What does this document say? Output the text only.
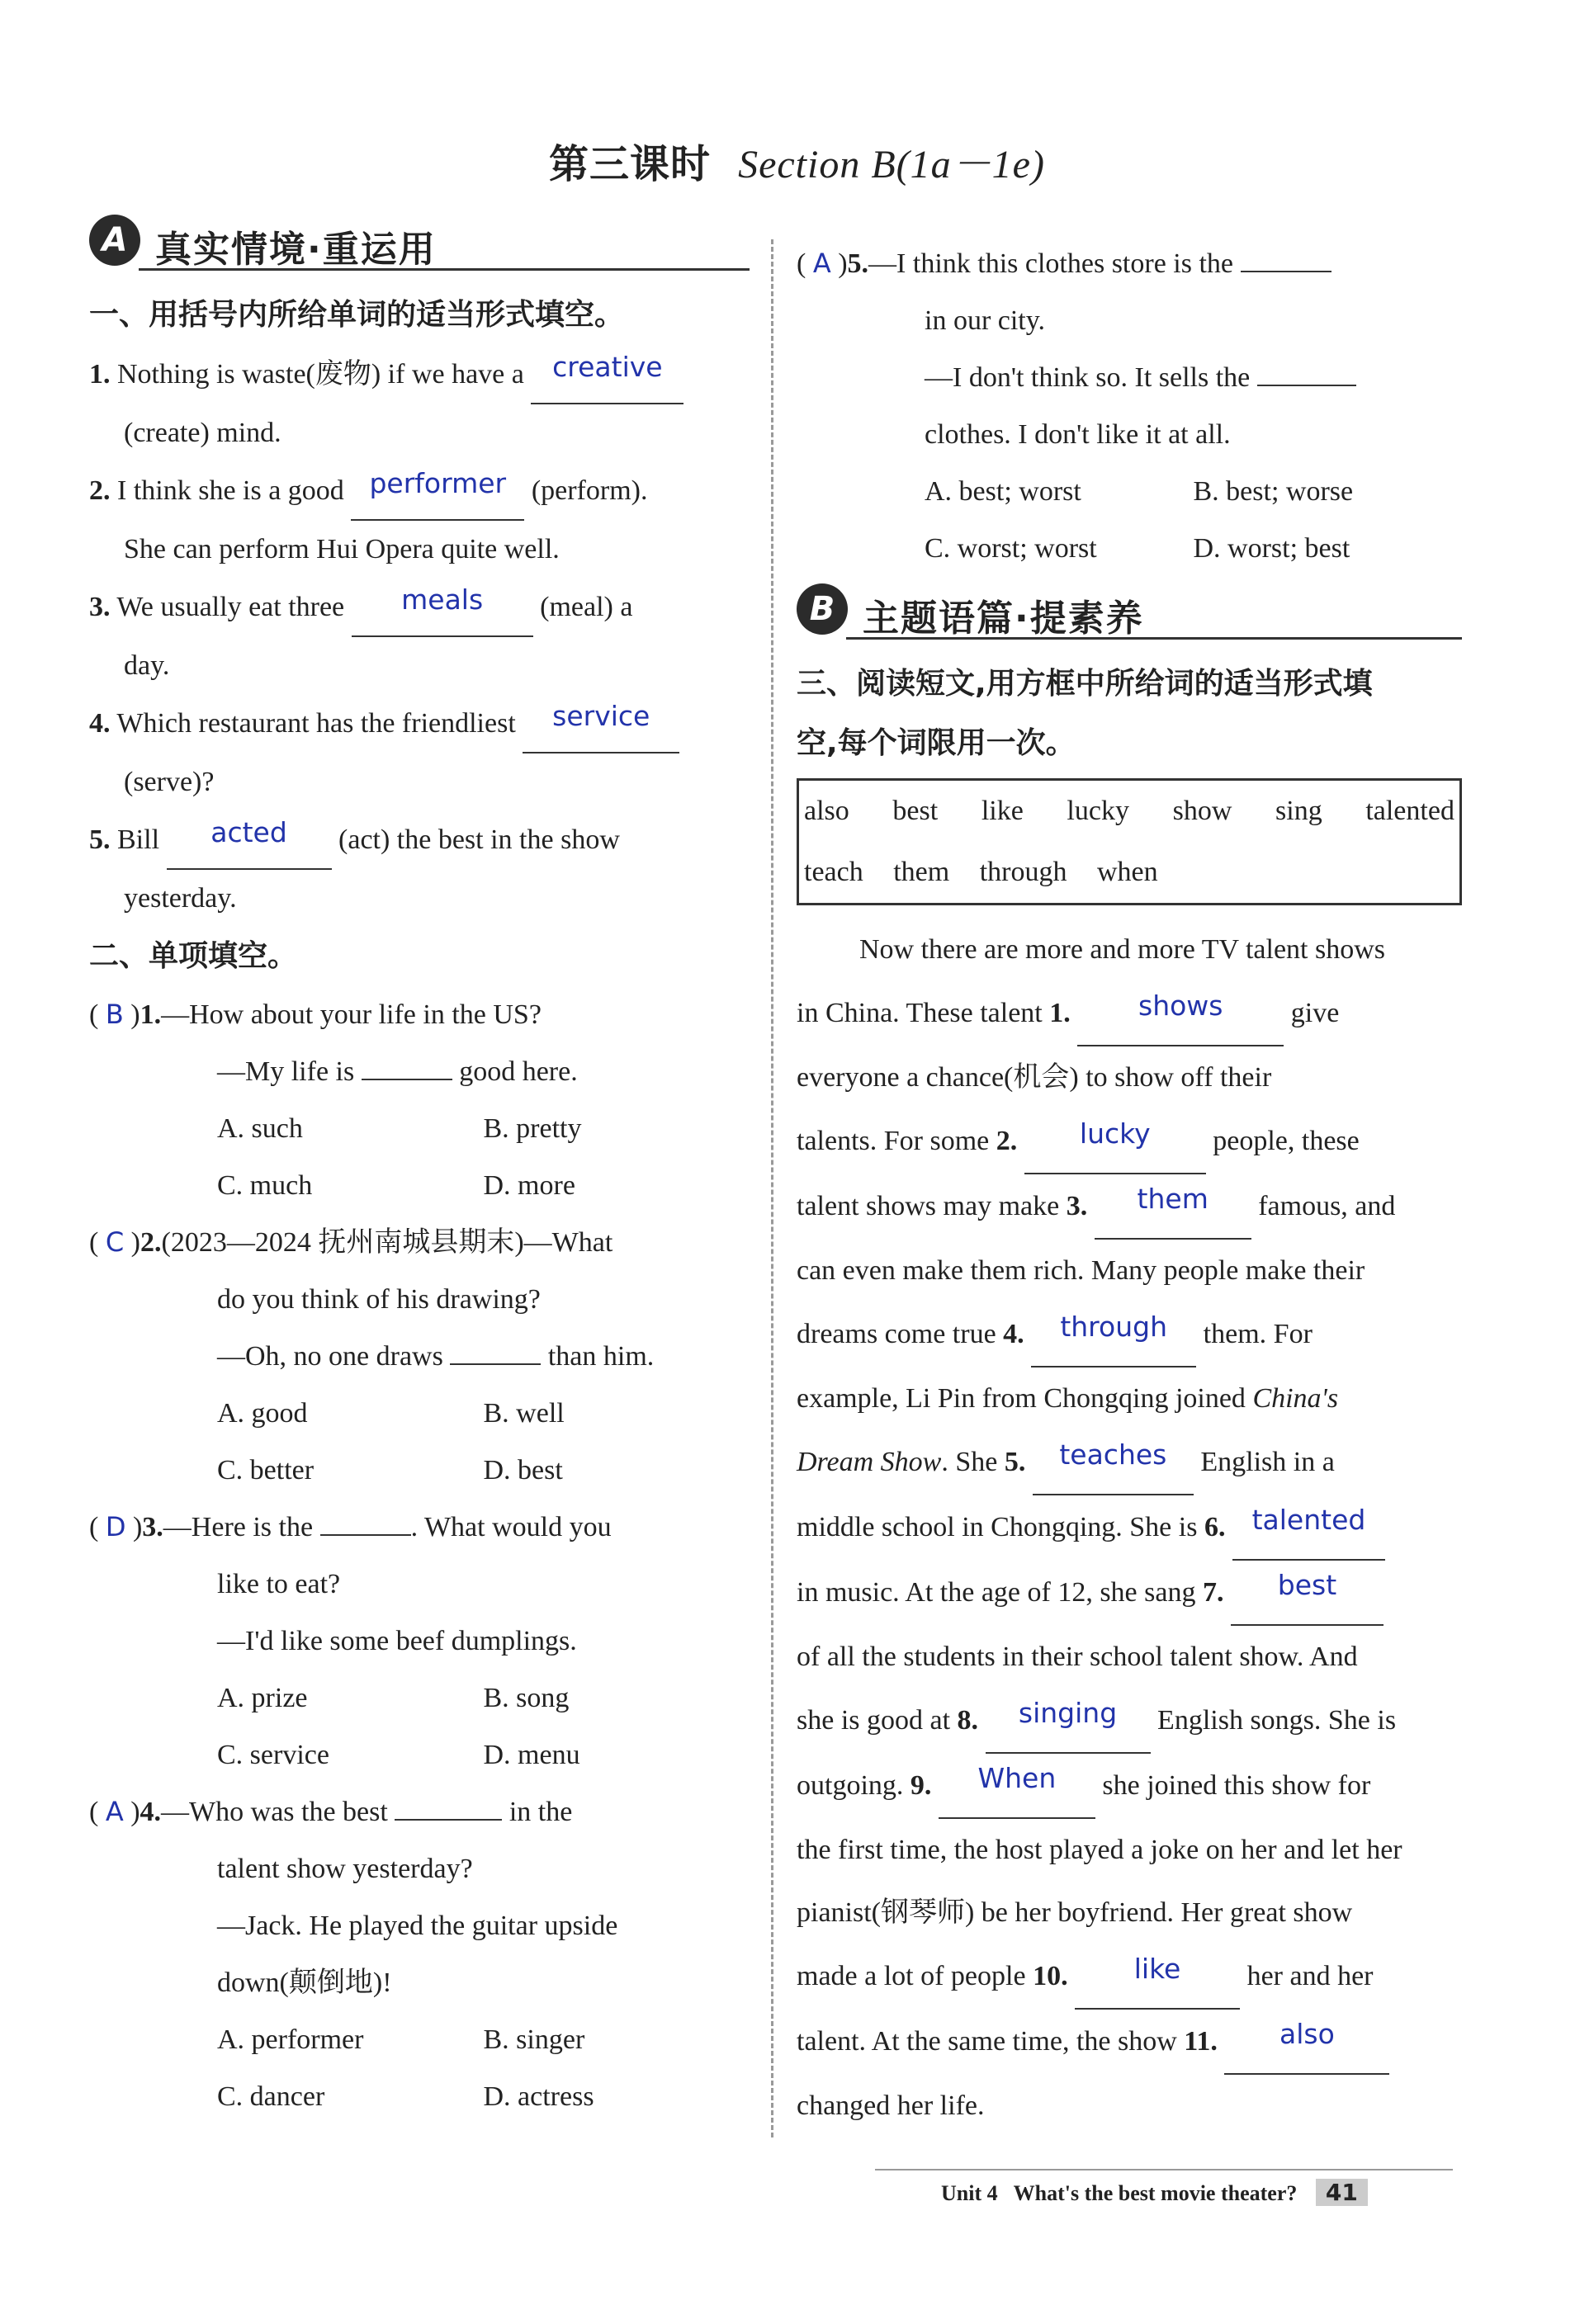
第三课时 Section B(1a－1e)
A 真实情境·重运用
一、用括号内所给单词的适当形式填空。
1. Nothing is waste(废物) if we have a creative
(create) mind.
2. I think she is a good performer (perform).
She can perform Hui Opera quite well.
3. We usually eat three meals (meal) a
day.
4. Which restaurant has the friendliest service
(serve)?
5. Bill acted (act) the best in the show
yesterday.
二、单项填空。
( B )1.—How about your life in the US?
—My life is	good here.
A. such	B. pretty
C. much	D. more
( C )2.(2023—2024 抚州南城县期末)—What
do you think of his drawing?
—Oh, no one draws	than him.
A. good	B. well
C. better	D. best
( D )3.—Here is the	. What would you
like to eat?
—I'd like some beef dumplings.
A. prize	B. song
C. service	D. menu
( A )4.—Who was the best	in the
talent show yesterday?
—Jack. He played the guitar upside
down(颠倒地)!
A. performer	B. singer
C. dancer	D. actress
( A )5.—I think this clothes store is the
in our city.
—I don't think so. It sells the
clothes. I don't like it at all.
A. best; worst	B. best; worse
C. worst; worst	D. worst; best
B 主题语篇·提素养
三、阅读短文,用方框中所给词的适当形式填
空,每个词限用一次。
also best like lucky show sing talented
teach them through when
Now there are more and more TV talent shows
in China. These talent 1. shows give
everyone a chance(机会) to show off their
talents. For some 2. lucky people, these
talent shows may make 3. them famous, and
can even make them rich. Many people make their
dreams come true 4. through them. For
example, Li Pin from Chongqing joined China's
Dream Show. She 5. teaches English in a
middle school in Chongqing. She is 6. talented
in music. At the age of 12, she sang 7. best
of all the students in their school talent show. And
she is good at 8. singing English songs. She is
outgoing. 9. When she joined this show for
the first time, the host played a joke on her and let her
pianist(钢琴师) be her boyfriend. Her great show
made a lot of people 10. like her and her
talent. At the same time, the show 11. also
changed her life.
Unit 4 What's the best movie theater? 41
